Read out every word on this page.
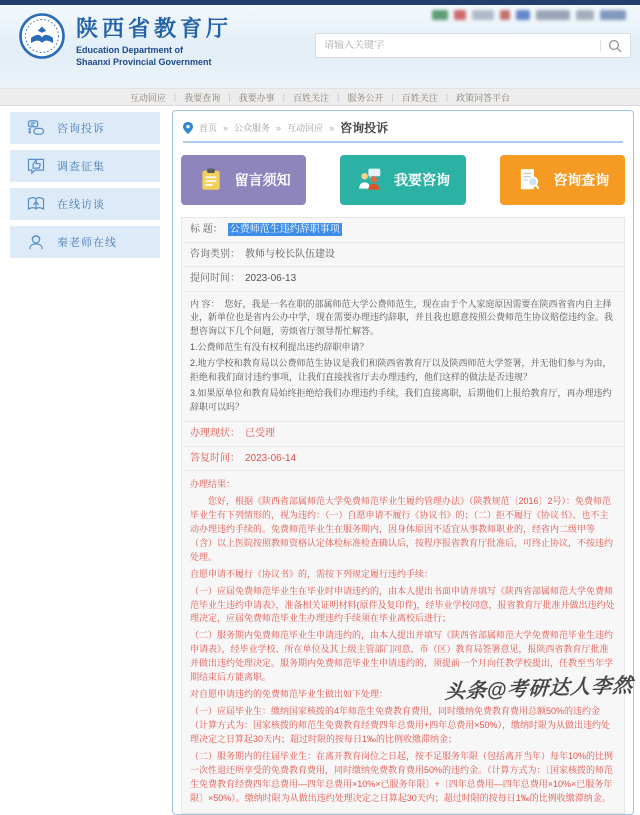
陕西省教育厅
Education Department of
Shaanxi Provincial Government
请输入关键字
互动回应 | 我要查询 | 我要办事 | 百姓关注 | 服务公开 | 百姓关注 | 政策问答平台
咨询投诉
调查征集
在线访谈
秦老师在线
首页 » 公众服务 » 互动回应 » 咨询投诉
留言须知	我要咨询	咨询查询
标 题： 公费师范生违约辞职事项
咨询类别： 教师与校长队伍建设
提问时间： 2023-06-13
内 容： 您好，我是一名在职的部属师范大学公费师范生，现在由于个人家庭原因需要在陕西省省内自主择业，新单位也是省内公办中学，现在需要办理违约辞职，并且我也愿意按照公费师范生协议赔偿违约金。我想咨询以下几个问题，劳烦省厅领导帮忙解答。
1.公费师范生有没有权利提出违约辞职申请？
2.地方学校和教育局以公费师范生协议是我们和陕西省教育厅以及陕西师范大学签署，并无他们参与为由，拒绝和我们商讨违约事项，让我们直接找省厅去办理违约，他们这样的做法是否违规？
3.如果原单位和教育局始终拒绝给我们办理违约手续，我们直接离职，后期他们上报给教育厅，再办理违约辞职可以吗？
办理现状： 已受理
答复时间： 2023-06-14
办理结果：
您好，根据《陕西省部属师范大学免费师范毕业生履约管理办法》（陕教规范〔2016〕2号）：免费师范毕业生有下列情形的，视为违约：（一）自愿申请不履行《协议书》的；（二）拒不履行《协议书》、也不主动办理违约手续的。免费师范毕业生在服务期内，因身体原因不适宜从事教师职业的，经省内二级甲等（含）以上医院按照教师资格认定体检标准检查确认后，按程序报省教育厅批准后，可终止协议，不按违约处理。
自愿申请不履行《协议书》的，需按下列规定履行违约手续：
（一）应届免费师范毕业生在毕业时申请违约的，由本人提出书面申请并填写《陕西省部属师范大学免费师范毕业生违约申请表》，准备相关证明材料(原件及复印件)，经毕业学校同意，报省教育厅批准并做出违约处理决定，应届免费师范毕业生办理违约手续须在毕业离校后进行；
（二）服务期内免费师范毕业生申请违约的，由本人提出并填写《陕西省部属师范大学免费师范毕业生违约申请表》，经毕业学校、所在单位及其上级主管部门同意，市（区）教育局签署意见，报陕西省教育厅批准并做出违约处理决定。服务期内免费师范毕业生申请违约的，须提前一个月向任教学校提出，任教至当年学期结束后方能离职。
对自愿申请违约的免费师范毕业生做出如下处理：
（一）应届毕业生：缴纳国家核拨的4年师范生免费教育费用，同时缴纳免费教育费用总额50%的违约金（计算方式为：国家核拨的师范生免费教育经费四年总费用+四年总费用×50%），缴纳时限为从做出违约处理决定之日算起30天内；超过时限的按每日1‰的比例收缴滞纳金；
（二）服务期内的往届毕业生：在离开教育岗位之日起，按不足服务年限（包括离开当年）每年10%的比例一次性退还所享受的免费教育费用，同时缴纳免费教育费用50%的违约金。（计算方式为：〔国家核拨的师范生免费教育经费四年总费用—四年总费用×10%×已服务年限〕+〔四年总费用—四年总费用×10%×已服务年限〕×50%）。缴纳时限为从做出违约处理决定之日算起30天内；超过时限的按每日1‰的比例收缴滞纳金。
头条@考研达人李然
